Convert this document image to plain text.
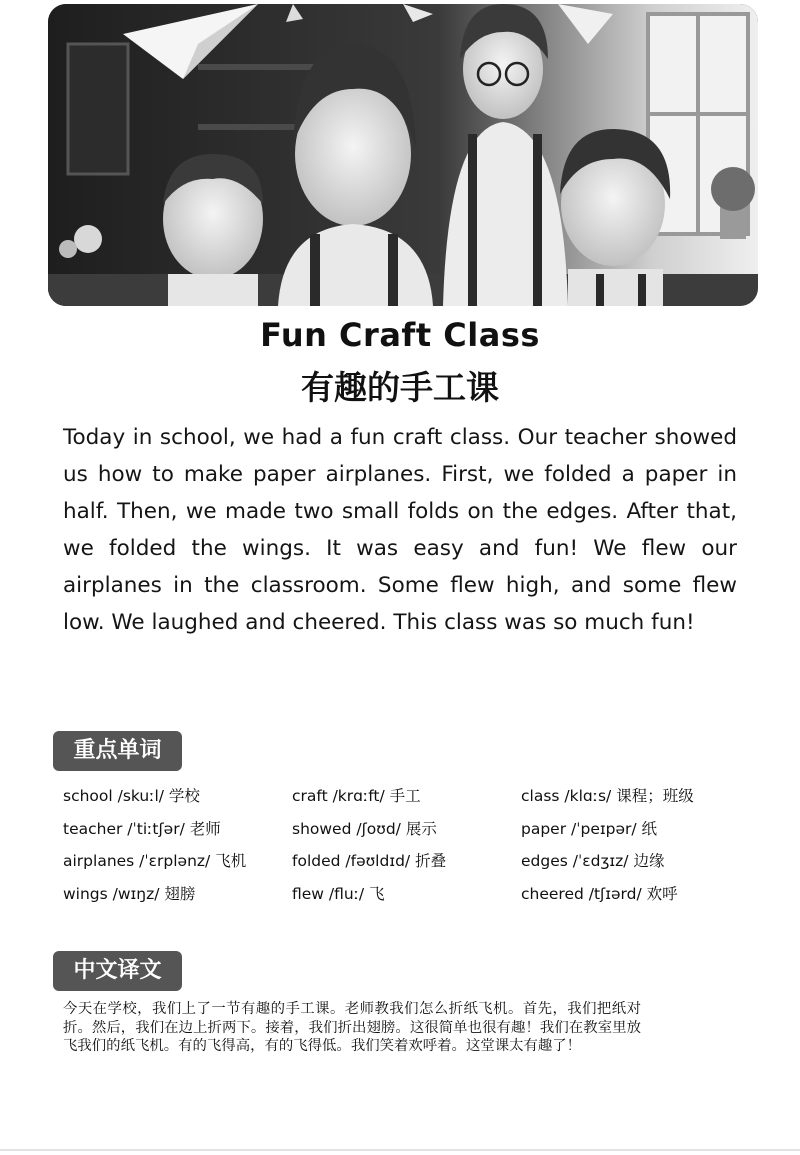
Fun Craft Class
有趣的手工课

Today in school, we had a fun craft class. Our teacher showed us how to make paper airplanes. First, we folded a paper in half. Then, we made two small folds on the edges. After that, we folded the wings. It was easy and fun! We flew our airplanes in the classroom. Some flew high, and some flew low. We laughed and cheered. This class was so much fun!

重点单词
school /skuːl/ 学校	craft /krɑːft/ 手工	class /klɑːs/ 课程；班级
teacher /ˈtiːtʃər/ 老师	showed /ʃoʊd/ 展示	paper /ˈpeɪpər/ 纸
airplanes /ˈɛrplənz/ 飞机	folded /fəʊldɪd/ 折叠	edges /ˈɛdʒɪz/ 边缘
wings /wɪŋz/ 翅膀	flew /fluː/ 飞	cheered /tʃɪərd/ 欢呼
中文译文

今天在学校，我们上了一节有趣的手工课。老师教我们怎么折纸飞机。首先，我们把纸对折。然后，我们在边上折两下。接着，我们折出翅膀。这很简单也很有趣！我们在教室里放飞我们的纸飞机。有的飞得高，有的飞得低。我们笑着欢呼着。这堂课太有趣了！
